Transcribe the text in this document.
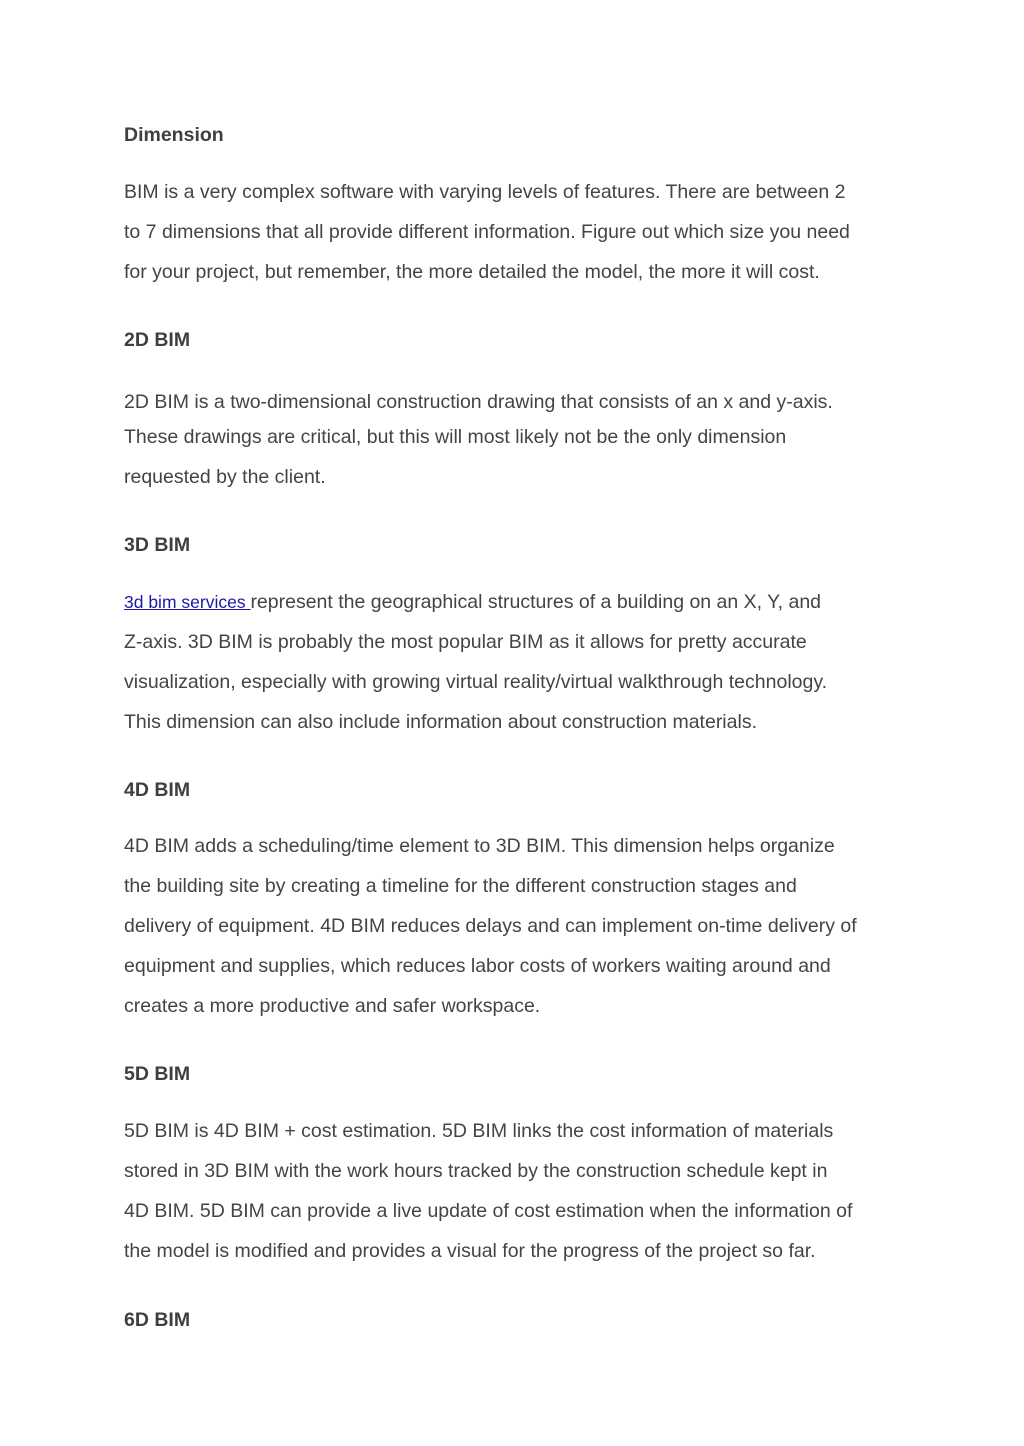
Dimension

BIM is a very complex software with varying levels of features. There are between 2
to 7 dimensions that all provide different information. Figure out which size you need
for your project, but remember, the more detailed the model, the more it will cost.

2D BIM

2D BIM is a two-dimensional construction drawing that consists of an x and y-axis.
These drawings are critical, but this will most likely not be the only dimension
requested by the client.

3D BIM

3d bim services represent the geographical structures of a building on an X, Y, and
Z-axis. 3D BIM is probably the most popular BIM as it allows for pretty accurate
visualization, especially with growing virtual reality/virtual walkthrough technology.
This dimension can also include information about construction materials.

4D BIM

4D BIM adds a scheduling/time element to 3D BIM. This dimension helps organize
the building site by creating a timeline for the different construction stages and
delivery of equipment. 4D BIM reduces delays and can implement on-time delivery of
equipment and supplies, which reduces labor costs of workers waiting around and
creates a more productive and safer workspace.

5D BIM

5D BIM is 4D BIM + cost estimation. 5D BIM links the cost information of materials
stored in 3D BIM with the work hours tracked by the construction schedule kept in
4D BIM. 5D BIM can provide a live update of cost estimation when the information of
the model is modified and provides a visual for the progress of the project so far.

6D BIM
